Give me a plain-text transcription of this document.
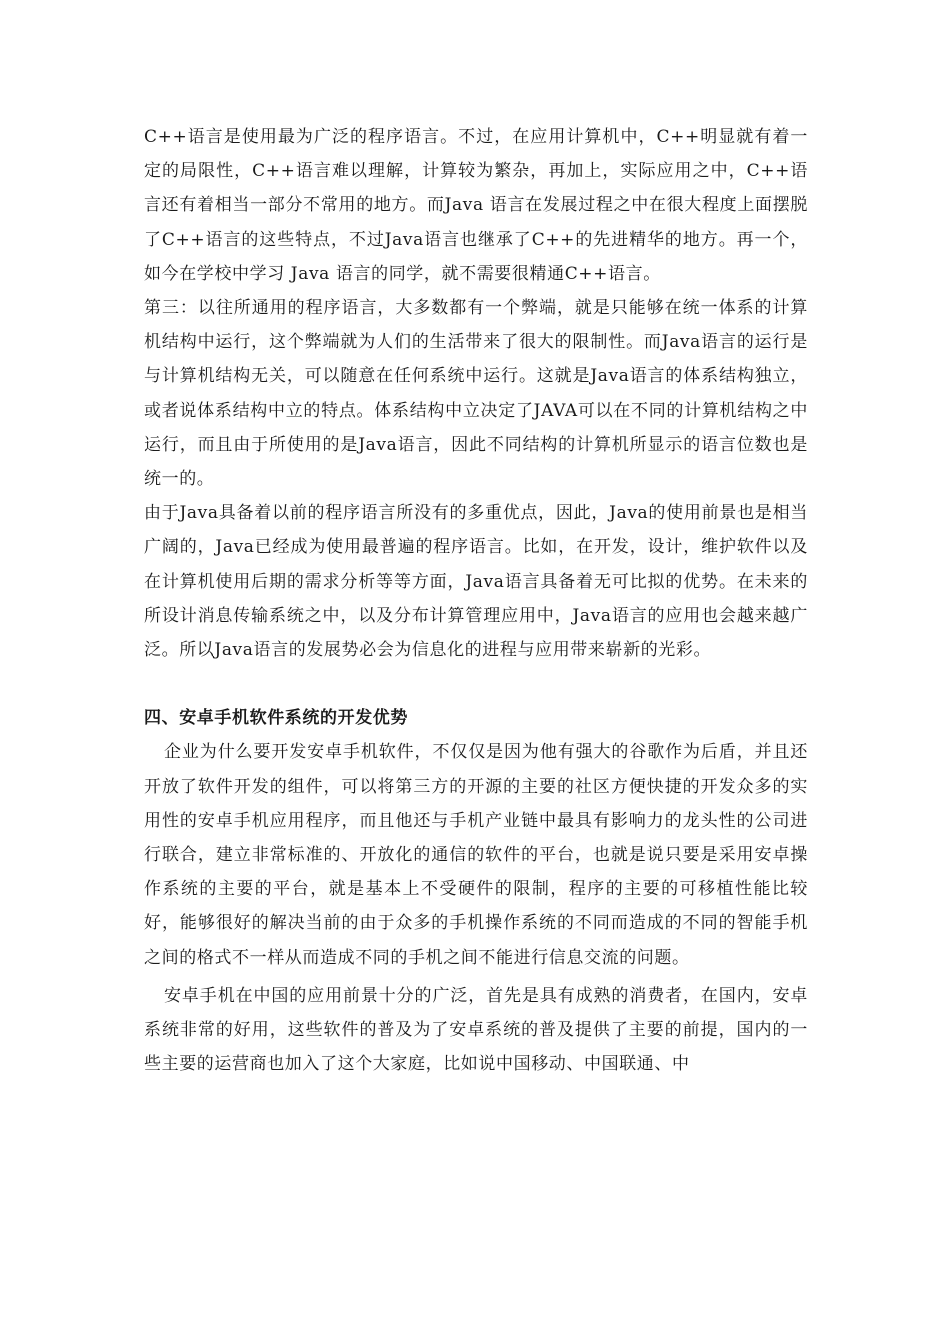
C++语言是使用最为广泛的程序语言。不过，在应用计算机中，C++明显就有着一定的局限性，C++语言难以理解，计算较为繁杂，再加上，实际应用之中，C++语言还有着相当一部分不常用的地方。而Java 语言在发展过程之中在很大程度上面摆脱了C++语言的这些特点，不过Java语言也继承了C++的先进精华的地方。再一个，如今在学校中学习 Java 语言的同学，就不需要很精通C++语言。

第三：以往所通用的程序语言，大多数都有一个弊端，就是只能够在统一体系的计算机结构中运行，这个弊端就为人们的生活带来了很大的限制性。而Java语言的运行是与计算机结构无关，可以随意在任何系统中运行。这就是Java语言的体系结构独立，或者说体系结构中立的特点。体系结构中立决定了JAVA可以在不同的计算机结构之中运行，而且由于所使用的是Java语言，因此不同结构的计算机所显示的语言位数也是统一的。

由于Java具备着以前的程序语言所没有的多重优点，因此，Java的使用前景也是相当广阔的，Java已经成为使用最普遍的程序语言。比如，在开发，设计，维护软件以及在计算机使用后期的需求分析等等方面，Java语言具备着无可比拟的优势。在未来的所设计消息传输系统之中，以及分布计算管理应用中，Java语言的应用也会越来越广泛。所以Java语言的发展势必会为信息化的进程与应用带来崭新的光彩。

四、安卓手机软件系统的开发优势

企业为什么要开发安卓手机软件，不仅仅是因为他有强大的谷歌作为后盾，并且还开放了软件开发的组件，可以将第三方的开源的主要的社区方便快捷的开发众多的实用性的安卓手机应用程序，而且他还与手机产业链中最具有影响力的龙头性的公司进行联合，建立非常标准的、开放化的通信的软件的平台，也就是说只要是采用安卓操作系统的主要的平台，就是基本上不受硬件的限制，程序的主要的可移植性能比较好，能够很好的解决当前的由于众多的手机操作系统的不同而造成的不同的智能手机之间的格式不一样从而造成不同的手机之间不能进行信息交流的问题。

安卓手机在中国的应用前景十分的广泛，首先是具有成熟的消费者，在国内，安卓系统非常的好用，这些软件的普及为了安卓系统的普及提供了主要的前提，国内的一些主要的运营商也加入了这个大家庭，比如说中国移动、中国联通、中
